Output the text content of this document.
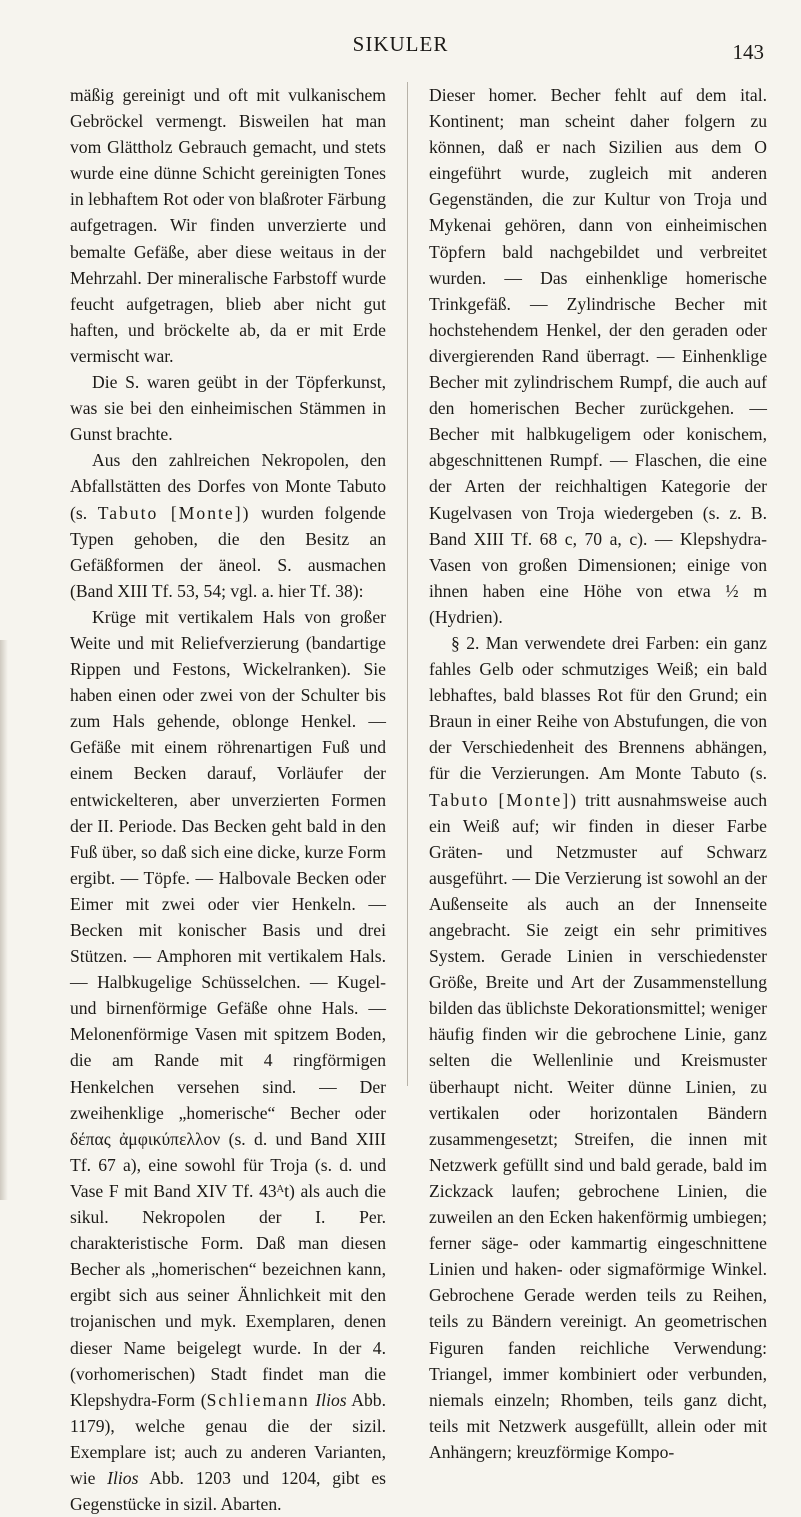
SIKULER	143

mäßig gereinigt und oft mit vulkanischem Gebröckel vermengt. Bisweilen hat man vom Glättholz Gebrauch gemacht, und stets wurde eine dünne Schicht gereinigten Tones in lebhaftem Rot oder von blaßroter Färbung aufgetragen. Wir finden unverzierte und bemalte Gefäße, aber diese weitaus in der Mehrzahl. Der mineralische Farbstoff wurde feucht aufgetragen, blieb aber nicht gut haften, und bröckelte ab, da er mit Erde vermischt war.

Die S. waren geübt in der Töpferkunst, was sie bei den einheimischen Stämmen in Gunst brachte.

Aus den zahlreichen Nekropolen, den Abfallstätten des Dorfes von Monte Tabuto (s. Tabuto [Monte]) wurden folgende Typen gehoben, die den Besitz an Gefäßformen der äneol. S. ausmachen (Band XIII Tf. 53, 54; vgl. a. hier Tf. 38):

Krüge mit vertikalem Hals von großer Weite und mit Reliefverzierung (bandartige Rippen und Festons, Wickelranken). Sie haben einen oder zwei von der Schulter bis zum Hals gehende, oblonge Henkel. — Gefäße mit einem röhrenartigen Fuß und einem Becken darauf, Vorläufer der entwickelteren, aber unverzierten Formen der II. Periode. Das Becken geht bald in den Fuß über, so daß sich eine dicke, kurze Form ergibt. — Töpfe. — Halbovale Becken oder Eimer mit zwei oder vier Henkeln. — Becken mit konischer Basis und drei Stützen. — Amphoren mit vertikalem Hals. — Halbkugelige Schüsselchen. — Kugel- und birnenförmige Gefäße ohne Hals. — Melonenförmige Vasen mit spitzem Boden, die am Rande mit 4 ringförmigen Henkelchen versehen sind. — Der zweihenklige „homerische“ Becher oder δέπας ἀμφικύπελλον (s. d. und Band XIII Tf. 67 a), eine sowohl für Troja (s. d. und Vase F mit Band XIV Tf. 43ᴬt) als auch die sikul. Nekropolen der I. Per. charakteristische Form. Daß man diesen Becher als „homerischen“ bezeichnen kann, ergibt sich aus seiner Ähnlichkeit mit den trojanischen und myk. Exemplaren, denen dieser Name beigelegt wurde. In der 4. (vorhomerischen) Stadt findet man die Klepshydra-Form (Schliemann Ilios Abb. 1179), welche genau die der sizil. Exemplare ist; auch zu anderen Varianten, wie Ilios Abb. 1203 und 1204, gibt es Gegenstücke in sizil. Abarten.

Dieser homer. Becher fehlt auf dem ital. Kontinent; man scheint daher folgern zu können, daß er nach Sizilien aus dem O eingeführt wurde, zugleich mit anderen Gegenständen, die zur Kultur von Troja und Mykenai gehören, dann von einheimischen Töpfern bald nachgebildet und verbreitet wurden. — Das einhenklige homerische Trinkgefäß. — Zylindrische Becher mit hochstehendem Henkel, der den geraden oder divergierenden Rand überragt. — Einhenklige Becher mit zylindrischem Rumpf, die auch auf den homerischen Becher zurückgehen. — Becher mit halbkugeligem oder konischem, abgeschnittenen Rumpf. — Flaschen, die eine der Arten der reichhaltigen Kategorie der Kugelvasen von Troja wiedergeben (s. z. B. Band XIII Tf. 68 c, 70 a, c). — Klepshydra-Vasen von großen Dimensionen; einige von ihnen haben eine Höhe von etwa ½ m (Hydrien).

§ 2. Man verwendete drei Farben: ein ganz fahles Gelb oder schmutziges Weiß; ein bald lebhaftes, bald blasses Rot für den Grund; ein Braun in einer Reihe von Abstufungen, die von der Verschiedenheit des Brennens abhängen, für die Verzierungen. Am Monte Tabuto (s. Tabuto [Monte]) tritt ausnahmsweise auch ein Weiß auf; wir finden in dieser Farbe Gräten- und Netzmuster auf Schwarz ausgeführt. — Die Verzierung ist sowohl an der Außenseite als auch an der Innenseite angebracht. Sie zeigt ein sehr primitives System. Gerade Linien in verschiedenster Größe, Breite und Art der Zusammenstellung bilden das üblichste Dekorationsmittel; weniger häufig finden wir die gebrochene Linie, ganz selten die Wellenlinie und Kreismuster überhaupt nicht. Weiter dünne Linien, zu vertikalen oder horizontalen Bändern zusammengesetzt; Streifen, die innen mit Netzwerk gefüllt sind und bald gerade, bald im Zickzack laufen; gebrochene Linien, die zuweilen an den Ecken hakenförmig umbiegen; ferner säge- oder kammartig eingeschnittene Linien und haken- oder sigmaförmige Winkel. Gebrochene Gerade werden teils zu Reihen, teils zu Bändern vereinigt. An geometrischen Figuren fanden reichliche Verwendung: Triangel, immer kombiniert oder verbunden, niemals einzeln; Rhomben, teils ganz dicht, teils mit Netzwerk ausgefüllt, allein oder mit Anhängern; kreuzförmige Kompo-
